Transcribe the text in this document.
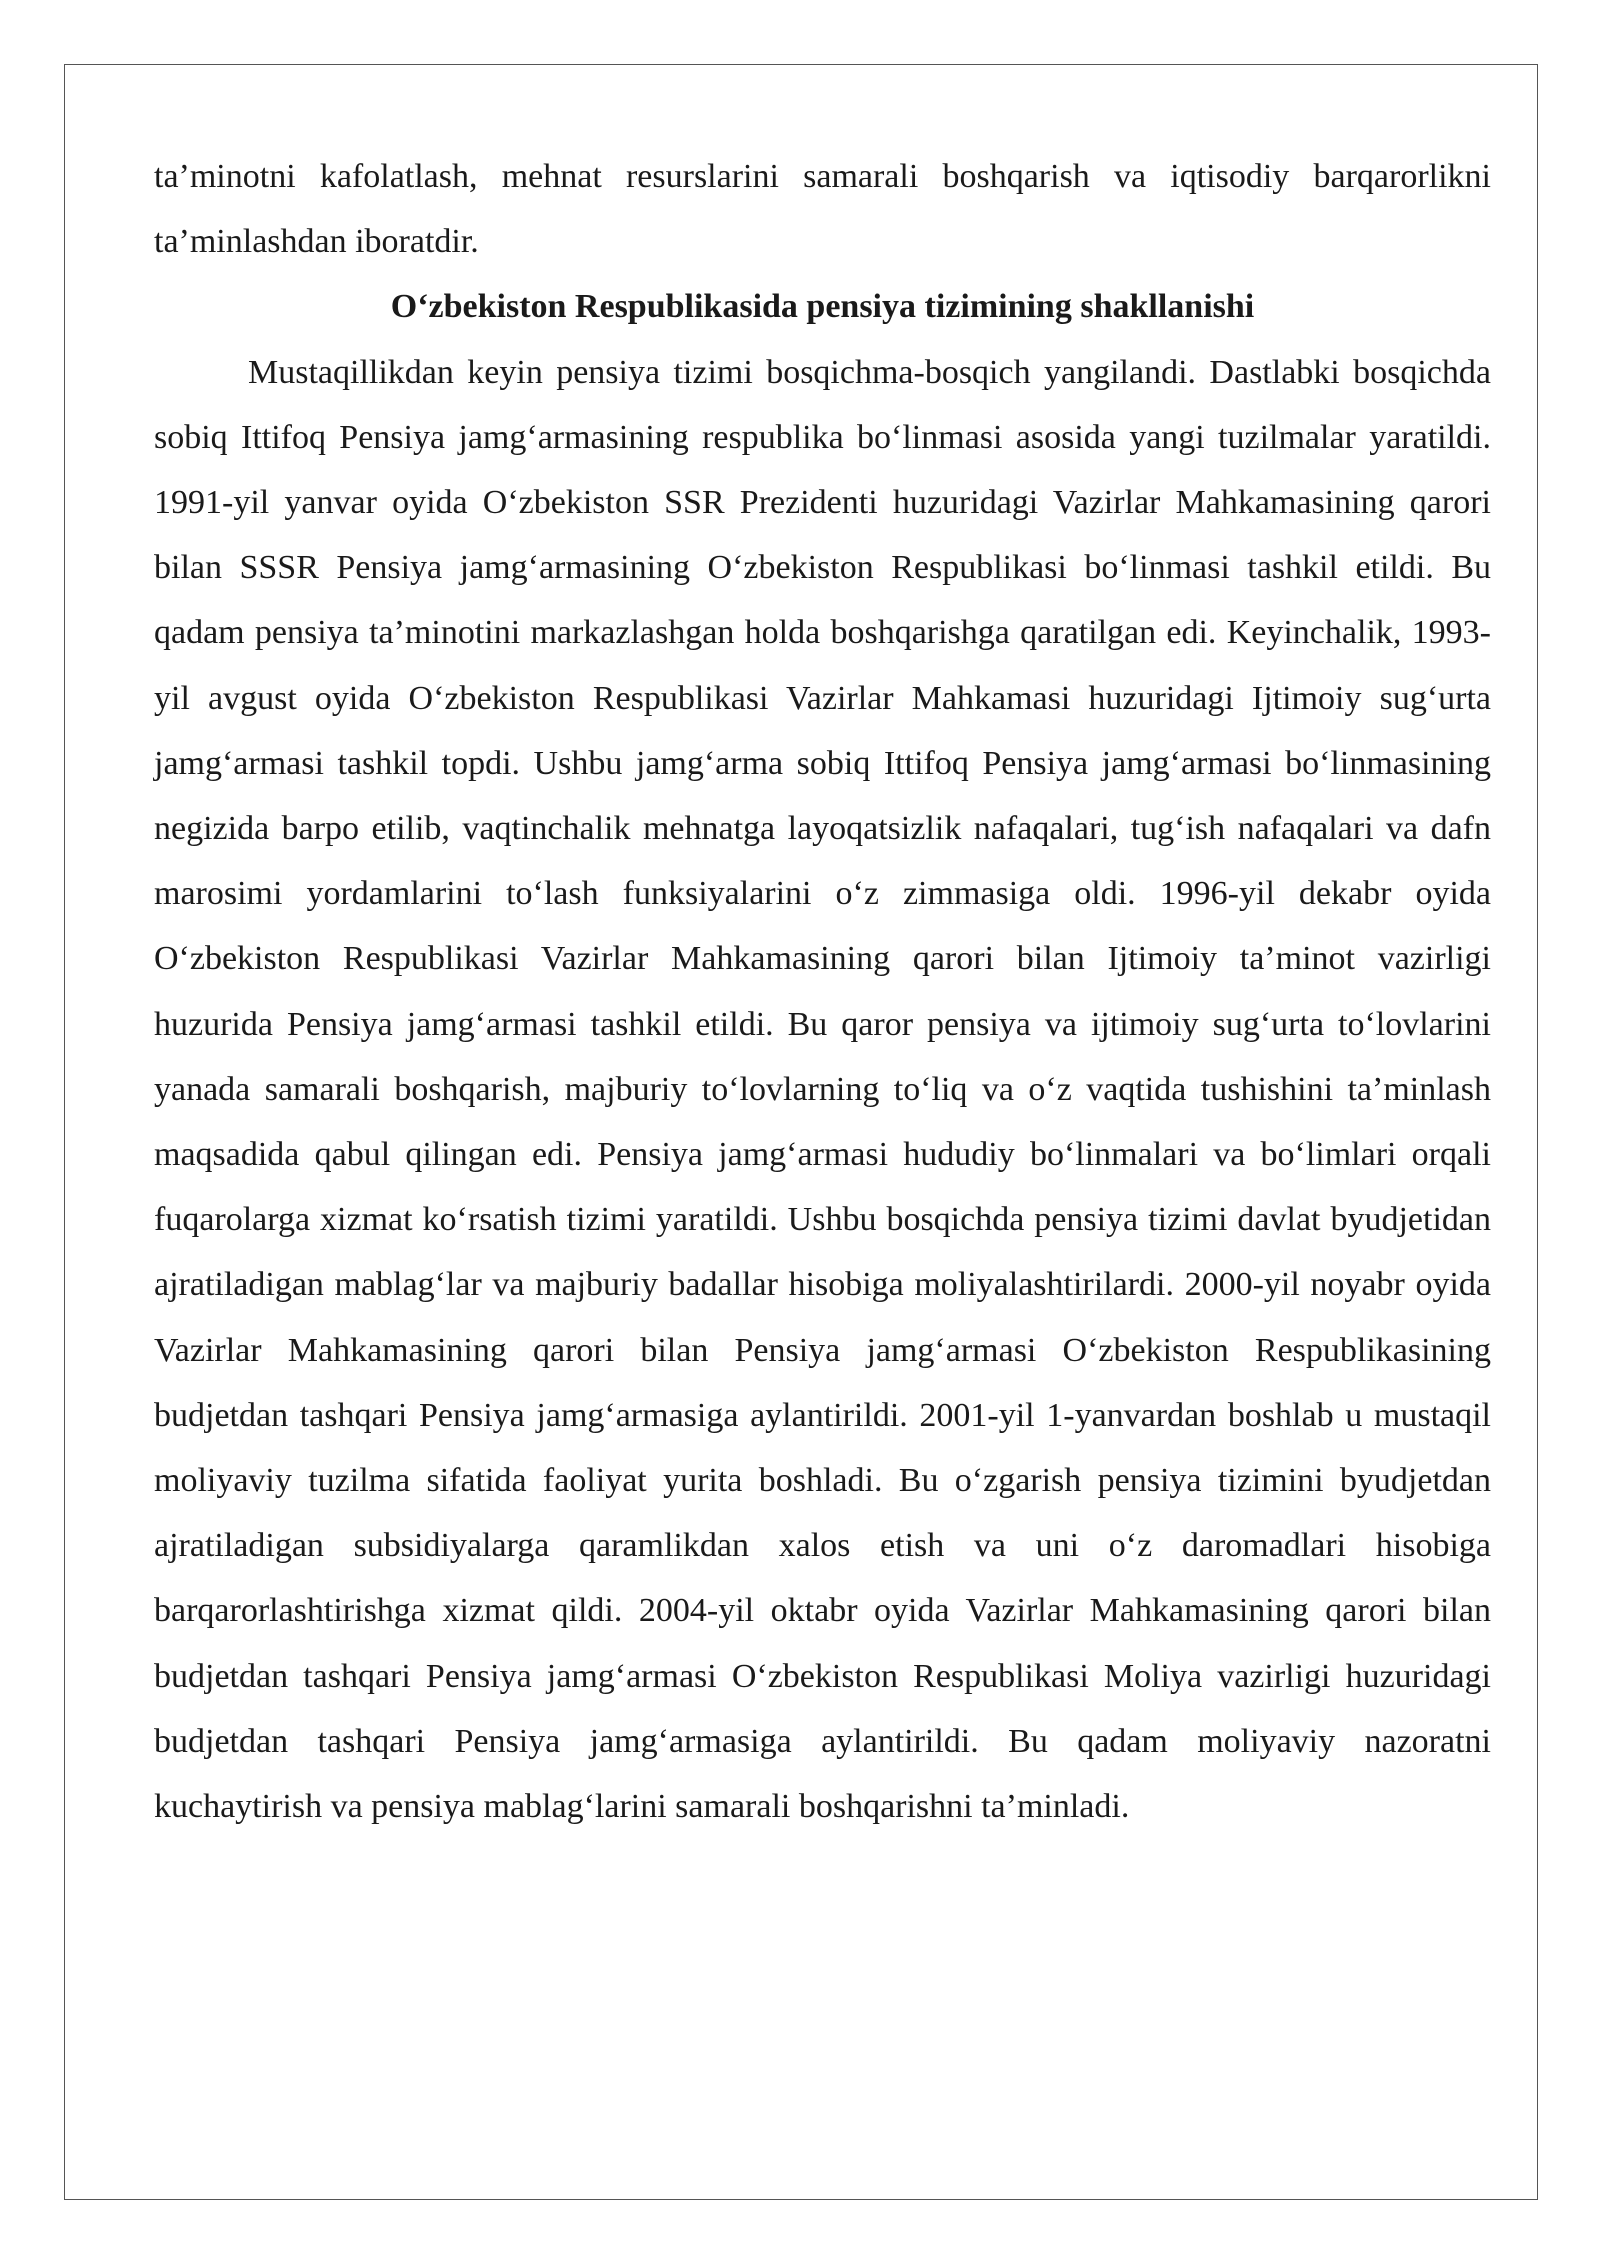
ta’minotni kafolatlash, mehnat resurslarini samarali boshqarish va iqtisodiy barqarorlikni ta’minlashdan iboratdir.

O‘zbekiston Respublikasida pensiya tizimining shakllanishi

Mustaqillikdan keyin pensiya tizimi bosqichma-bosqich yangilandi. Dastlabki bosqichda sobiq Ittifoq Pensiya jamg‘armasining respublika bo‘linmasi asosida yangi tuzilmalar yaratildi. 1991-yil yanvar oyida O‘zbekiston SSR Prezidenti huzuridagi Vazirlar Mahkamasining qarori bilan SSSR Pensiya jamg‘armasining O‘zbekiston Respublikasi bo‘linmasi tashkil etildi. Bu qadam pensiya ta’minotini markazlashgan holda boshqarishga qaratilgan edi. Keyinchalik, 1993-yil avgust oyida O‘zbekiston Respublikasi Vazirlar Mahkamasi huzuridagi Ijtimoiy sug‘urta jamg‘armasi tashkil topdi. Ushbu jamg‘arma sobiq Ittifoq Pensiya jamg‘armasi bo‘linmasining negizida barpo etilib, vaqtinchalik mehnatga layoqatsizlik nafaqalari, tug‘ish nafaqalari va dafn marosimi yordamlarini to‘lash funksiyalarini o‘z zimmasiga oldi. 1996-yil dekabr oyida O‘zbekiston Respublikasi Vazirlar Mahkamasining qarori bilan Ijtimoiy ta’minot vazirligi huzurida Pensiya jamg‘armasi tashkil etildi. Bu qaror pensiya va ijtimoiy sug‘urta to‘lovlarini yanada samarali boshqarish, majburiy to‘lovlarning to‘liq va o‘z vaqtida tushishini ta’minlash maqsadida qabul qilingan edi. Pensiya jamg‘armasi hududiy bo‘linmalari va bo‘limlari orqali fuqarolarga xizmat ko‘rsatish tizimi yaratildi. Ushbu bosqichda pensiya tizimi davlat byudjetidan ajratiladigan mablag‘lar va majburiy badallar hisobiga moliyalashtirilardi. 2000-yil noyabr oyida Vazirlar Mahkamasining qarori bilan Pensiya jamg‘armasi O‘zbekiston Respublikasining budjetdan tashqari Pensiya jamg‘armasiga aylantirildi. 2001-yil 1-yanvardan boshlab u mustaqil moliyaviy tuzilma sifatida faoliyat yurita boshladi. Bu o‘zgarish pensiya tizimini byudjetdan ajratiladigan subsidiyalarga qaramlikdan xalos etish va uni o‘z daromadlari hisobiga barqarorlashtirishga xizmat qildi. 2004-yil oktabr oyida Vazirlar Mahkamasining qarori bilan budjetdan tashqari Pensiya jamg‘armasi O‘zbekiston Respublikasi Moliya vazirligi huzuridagi budjetdan tashqari Pensiya jamg‘armasiga aylantirildi. Bu qadam moliyaviy nazoratni kuchaytirish va pensiya mablag‘larini samarali boshqarishni ta’minladi.
